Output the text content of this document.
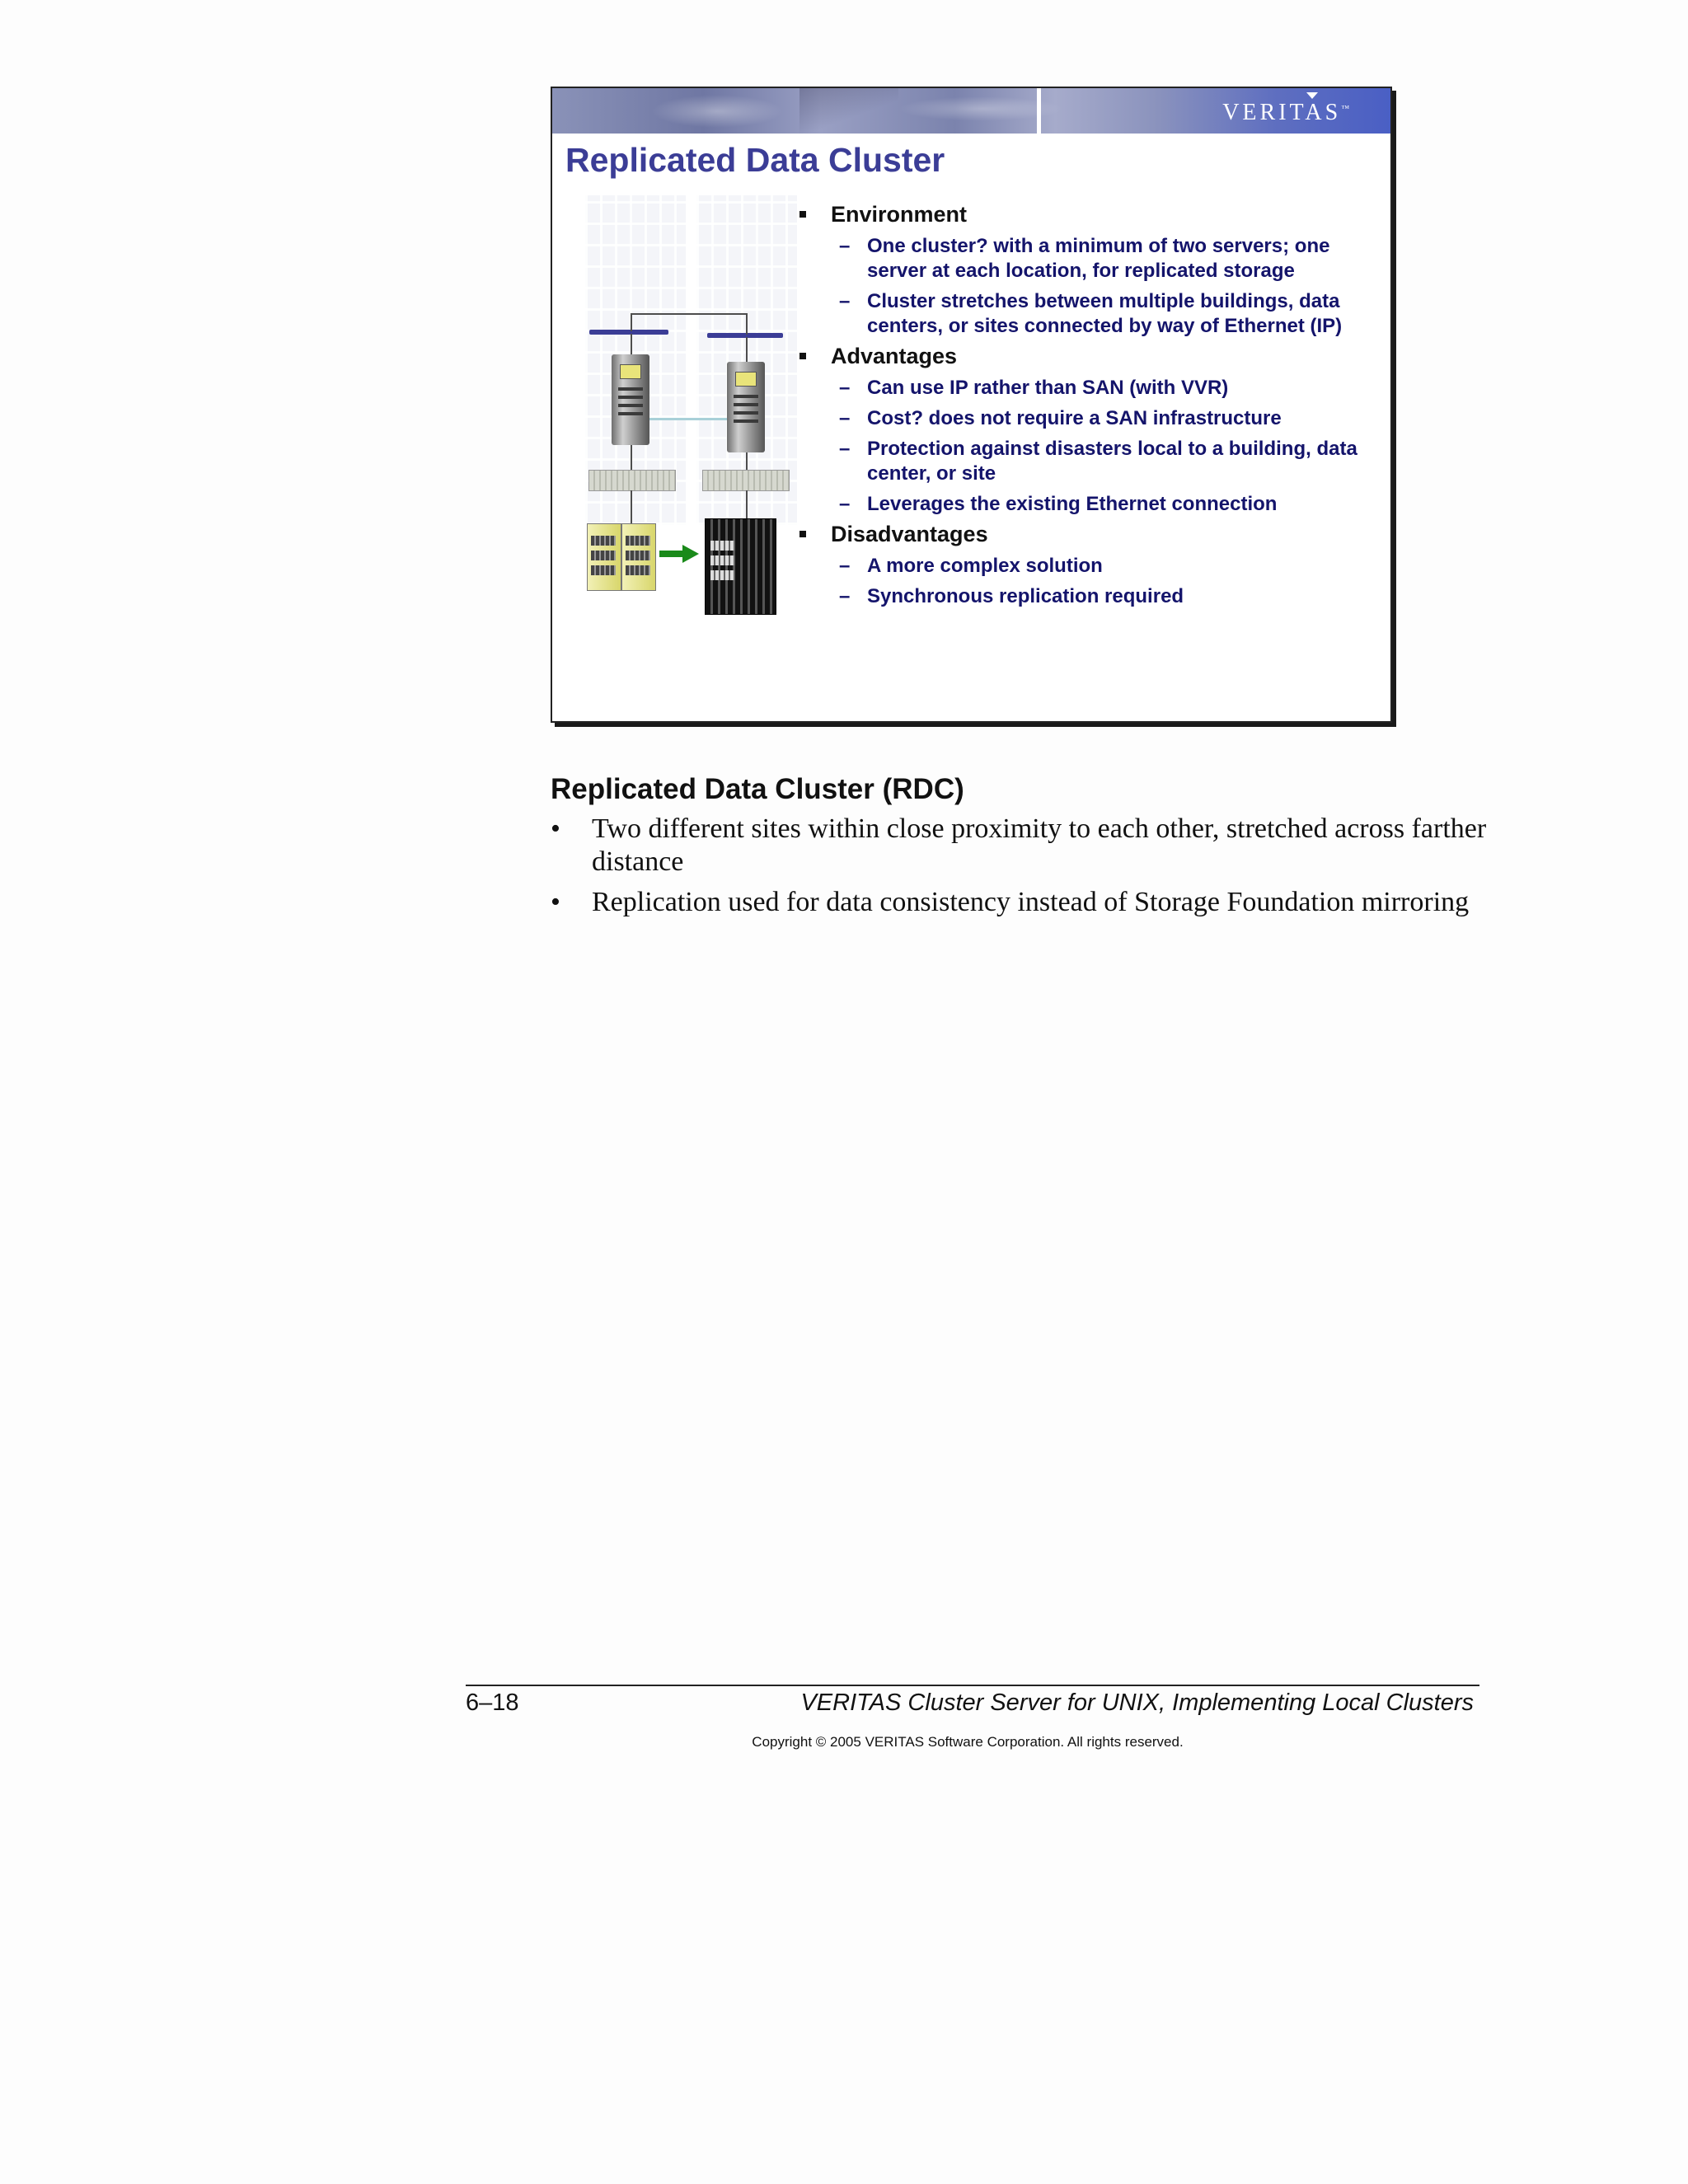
VERITAS™
Replicated Data Cluster
Environment
– One cluster? with a minimum of two servers; one server at each location, for replicated storage
– Cluster stretches between multiple buildings, data centers, or sites connected by way of Ethernet (IP)
Advantages
– Can use IP rather than SAN (with VVR)
– Cost? does not require a SAN infrastructure
– Protection against disasters local to a building, data center, or site
– Leverages the existing Ethernet connection
Disadvantages
– A more complex solution
– Synchronous replication required
Replicated Data Cluster (RDC)
• Two different sites within close proximity to each other, stretched across farther distance
• Replication used for data consistency instead of Storage Foundation mirroring
6–18	VERITAS Cluster Server for UNIX, Implementing Local Clusters
Copyright © 2005 VERITAS Software Corporation. All rights reserved.
